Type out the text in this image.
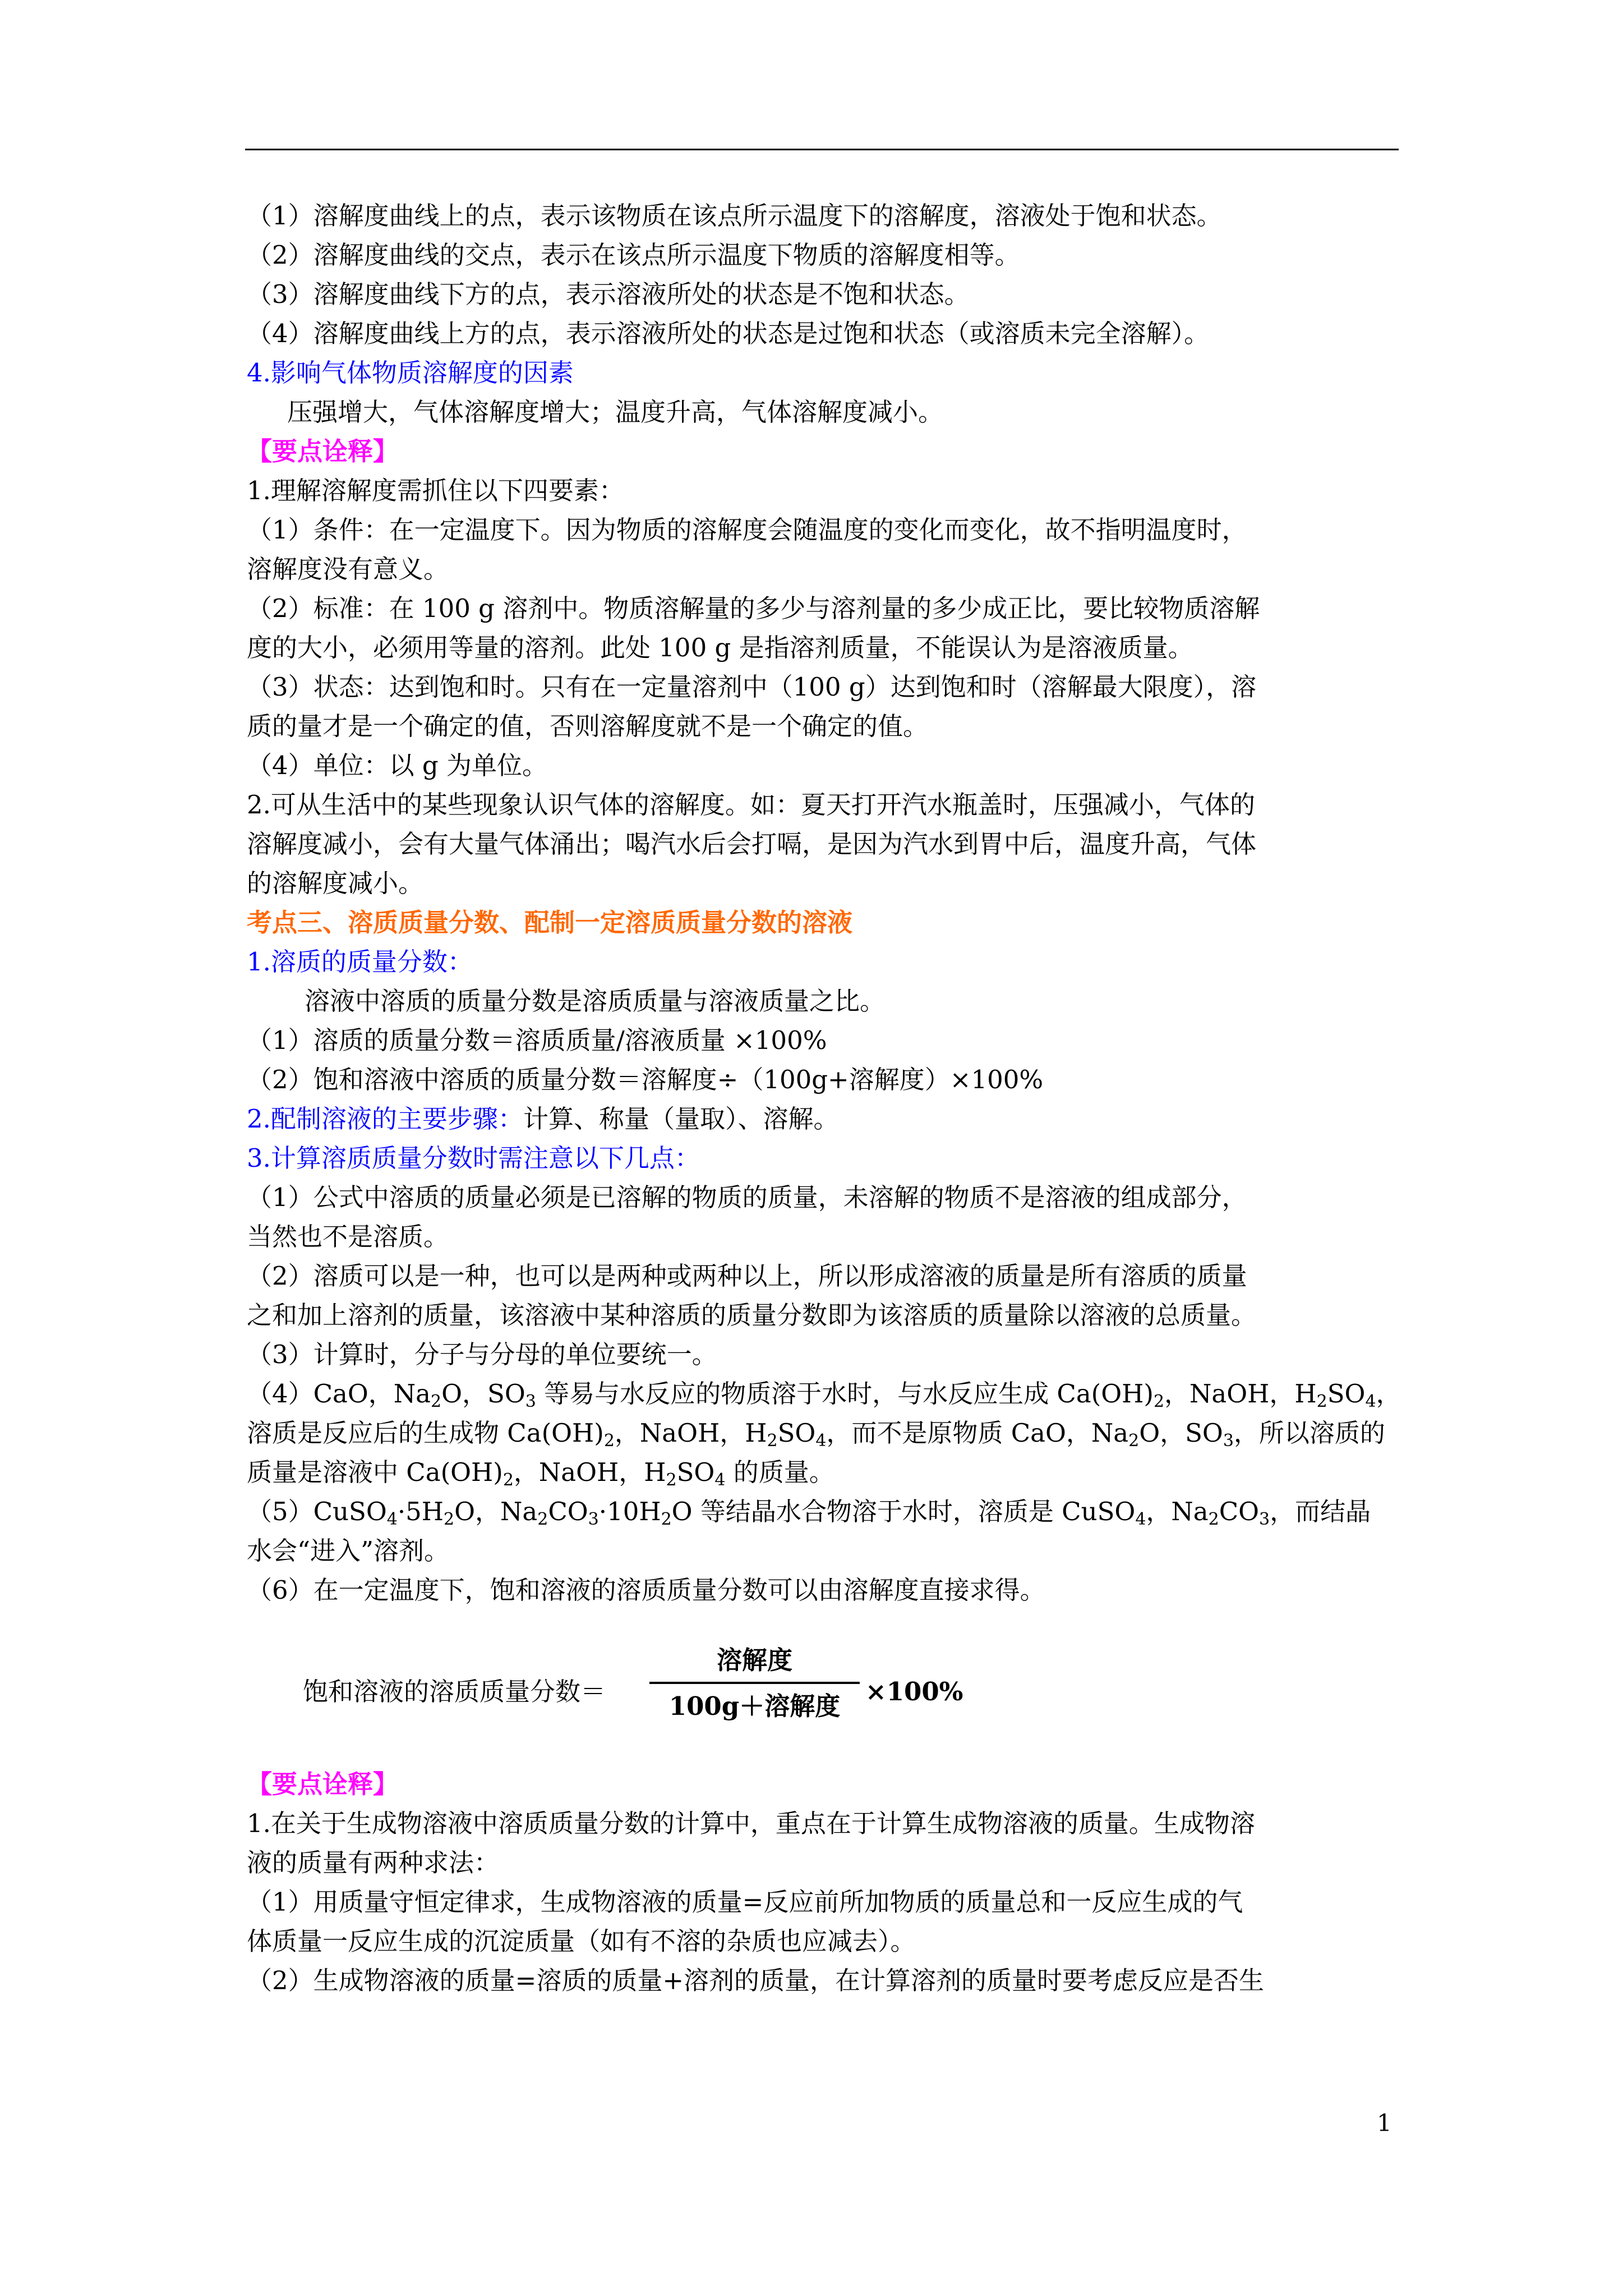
（1）溶解度曲线上的点，表示该物质在该点所示温度下的溶解度，溶液处于饱和状态。

（2）溶解度曲线的交点，表示在该点所示温度下物质的溶解度相等。

（3）溶解度曲线下方的点，表示溶液所处的状态是不饱和状态。

（4）溶解度曲线上方的点，表示溶液所处的状态是过饱和状态（或溶质未完全溶解）。

4.影响气体物质溶解度的因素

压强增大，气体溶解度增大；温度升高，气体溶解度减小。

【要点诠释】

1.理解溶解度需抓住以下四要素：

（1）条件：在一定温度下。因为物质的溶解度会随温度的变化而变化，故不指明温度时，

溶解度没有意义。

（2）标准：在 100 g 溶剂中。物质溶解量的多少与溶剂量的多少成正比，要比较物质溶解

度的大小，必须用等量的溶剂。此处 100 g 是指溶剂质量，不能误认为是溶液质量。

（3）状态：达到饱和时。只有在一定量溶剂中（100 g）达到饱和时（溶解最大限度），溶

质的量才是一个确定的值，否则溶解度就不是一个确定的值。

（4）单位：以 g 为单位。

2.可从生活中的某些现象认识气体的溶解度。如：夏天打开汽水瓶盖时，压强减小，气体的

溶解度减小，会有大量气体涌出；喝汽水后会打嗝，是因为汽水到胃中后，温度升高，气体

的溶解度减小。

考点三、溶质质量分数、配制一定溶质质量分数的溶液

1.溶质的质量分数：

溶液中溶质的质量分数是溶质质量与溶液质量之比。

（1）溶质的质量分数＝溶质质量/溶液质量 ×100%

（2）饱和溶液中溶质的质量分数＝溶解度÷（100g+溶解度）×100%

2.配制溶液的主要步骤：计算、称量（量取）、溶解。

3.计算溶质质量分数时需注意以下几点：

（1）公式中溶质的质量必须是已溶解的物质的质量，未溶解的物质不是溶液的组成部分，

当然也不是溶质。

（2）溶质可以是一种，也可以是两种或两种以上，所以形成溶液的质量是所有溶质的质量

之和加上溶剂的质量，该溶液中某种溶质的质量分数即为该溶质的质量除以溶液的总质量。

（3）计算时，分子与分母的单位要统一。

（4）CaO，$Na_2O$，$SO_3$ 等易与水反应的物质溶于水时，与水反应生成 $Ca(OH)_2$，NaOH，$H_2SO_4$，

溶质是反应后的生成物 $Ca(OH)_2$，NaOH，$H_2SO_4$，而不是原物质 CaO，$Na_2O$，$SO_3$，所以溶质的

质量是溶液中 $Ca(OH)_2$，NaOH，$H_2SO_4$ 的质量。

$(5)CuSO_4\cdot 5H_2O$，$Na_2CO_3\cdot 10H_2O$ 等结晶水合物溶于水时，溶质是 CuSO$_4$，$Na_2CO_3$，而结晶

水会“进入”溶剂。

（6）在一定温度下，饱和溶液的溶质质量分数可以由溶解度直接求得。

饱和溶液的溶质质量分数＝
溶解度
100g＋溶解度 ×100%

【要点诠释】

1.在关于生成物溶液中溶质质量分数的计算中，重点在于计算生成物溶液的质量。生成物溶

液的质量有两种求法：

（1）用质量守恒定律求，生成物溶液的质量=反应前所加物质的质量总和一反应生成的气

体质量一反应生成的沉淀质量（如有不溶的杂质也应减去）。

（2）生成物溶液的质量=溶质的质量+溶剂的质量，在计算溶剂的质量时要考虑反应是否生

1
